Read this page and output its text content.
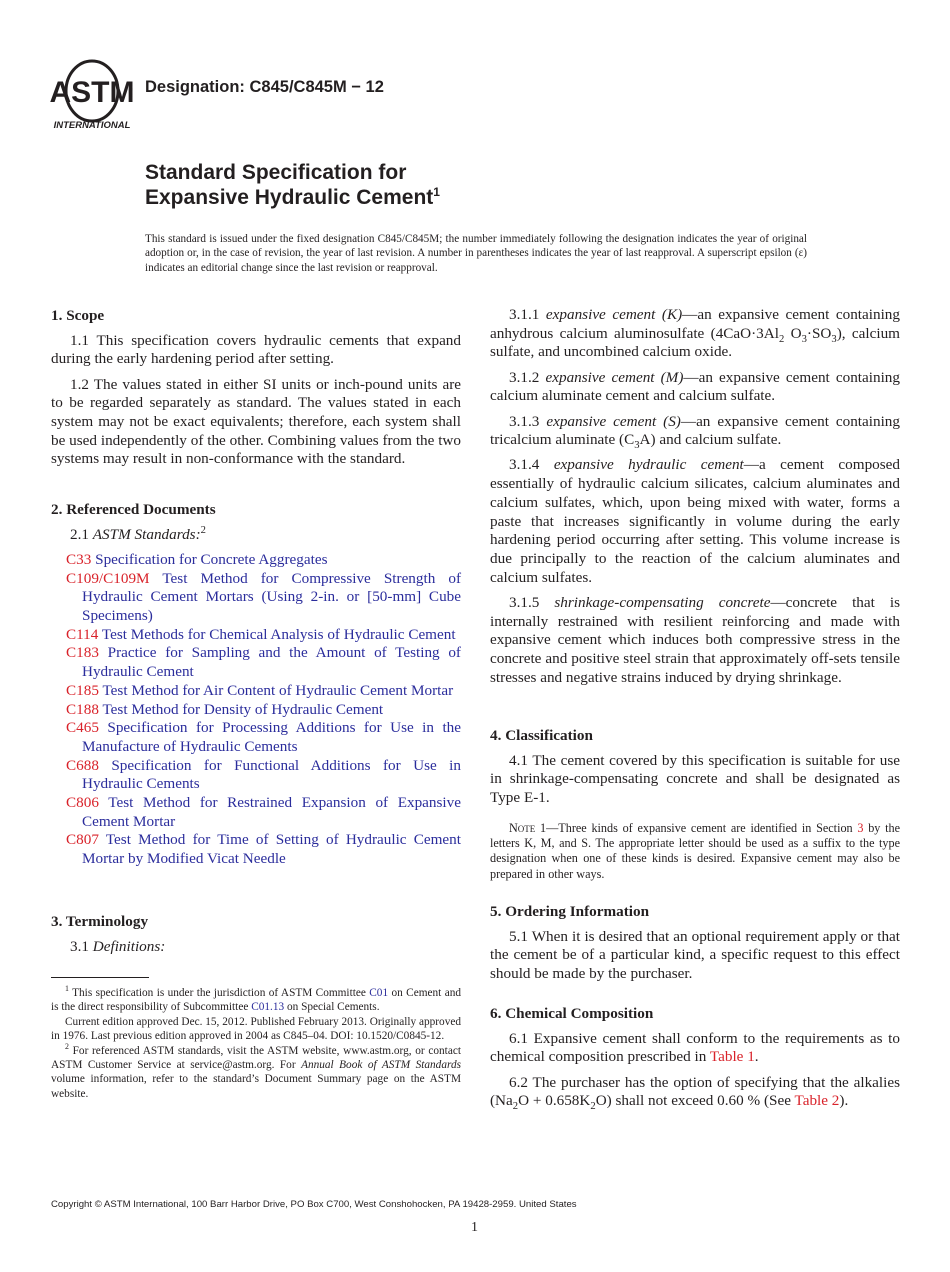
ASTM
INTERNATIONAL
Designation: C845/C845M − 12
Standard Specification for
Expansive Hydraulic Cement$^1$
This standard is issued under the fixed designation C845/C845M; the number immediately following the designation indicates the year of original adoption or, in the case of revision, the year of last revision. A number in parentheses indicates the year of last reapproval. A superscript epsilon (ε) indicates an editorial change since the last revision or reapproval.
1. Scope

1.1 This specification covers hydraulic cements that expand during the early hardening period after setting.

1.2 The values stated in either SI units or inch-pound units are to be regarded separately as standard. The values stated in each system may not be exact equivalents; therefore, each system shall be used independently of the other. Combining values from the two systems may result in non-conformance with the standard.

2. Referenced Documents

2.1 ASTM Standards:$^2$

C33 Specification for Concrete Aggregates

C109/C109M Test Method for Compressive Strength of Hydraulic Cement Mortars (Using 2-in. or [50-mm] Cube Specimens)

C114 Test Methods for Chemical Analysis of Hydraulic Cement

C183 Practice for Sampling and the Amount of Testing of Hydraulic Cement

C185 Test Method for Air Content of Hydraulic Cement Mortar

C188 Test Method for Density of Hydraulic Cement

C465 Specification for Processing Additions for Use in the Manufacture of Hydraulic Cements

C688 Specification for Functional Additions for Use in Hydraulic Cements

C806 Test Method for Restrained Expansion of Expansive Cement Mortar

C807 Test Method for Time of Setting of Hydraulic Cement Mortar by Modified Vicat Needle

3. Terminology

3.1 Definitions:

$^1$ This specification is under the jurisdiction of ASTM Committee C01 on Cement and is the direct responsibility of Subcommittee C01.13 on Special Cements.

Current edition approved Dec. 15, 2012. Published February 2013. Originally approved in 1976. Last previous edition approved in 2004 as C845–04. DOI: 10.1520/C0845-12.

$^2$ For referenced ASTM standards, visit the ASTM website, www.astm.org, or contact ASTM Customer Service at service@astm.org. For Annual Book of ASTM Standards volume information, refer to the standard’s Document Summary page on the ASTM website.

3.1.1 expansive cement (K)—an expansive cement containing anhydrous calcium aluminosulfate ($4CaO\cdot 3Al_2$ $O_3\cdot SO_3$), calcium sulfate, and uncombined calcium oxide.

3.1.2 expansive cement (M)—an expansive cement containing calcium aluminate cement and calcium sulfate.

3.1.3 expansive cement (S)—an expansive cement containing tricalcium aluminate $(C_3A)$ and calcium sulfate.

3.1.4 expansive hydraulic cement—a cement composed essentially of hydraulic calcium silicates, calcium aluminates and calcium sulfates, which, upon being mixed with water, forms a paste that increases significantly in volume during the early hardening period occurring after setting. This volume increase is due principally to the reaction of the calcium aluminates and calcium sulfates.

3.1.5 shrinkage-compensating concrete—concrete that is internally restrained with resilient reinforcing and made with expansive cement which induces both compressive stress in the concrete and positive steel strain that approximately off-sets tensile stresses and negative strains induced by drying shrinkage.

4. Classification

4.1 The cement covered by this specification is suitable for use in shrinkage-compensating concrete and shall be designated as Type E-1.

Note 1—Three kinds of expansive cement are identified in Section 3 by the letters K, M, and S. The appropriate letter should be used as a suffix to the type designation when one of these kinds is desired. Expansive cement may also be prepared in other ways.

5. Ordering Information

5.1 When it is desired that an optional requirement apply or that the cement be of a particular kind, a specific request to this effect should be made by the purchaser.

6. Chemical Composition

6.1 Expansive cement shall conform to the requirements as to chemical composition prescribed in Table 1.

6.2 The purchaser has the option of specifying that the alkalies $(Na_2O + 0.658K_2O)$ shall not exceed 0.60 % (See Table 2).

Copyright © ASTM International, 100 Barr Harbor Drive, PO Box C700, West Conshohocken, PA 19428-2959. United States
1
